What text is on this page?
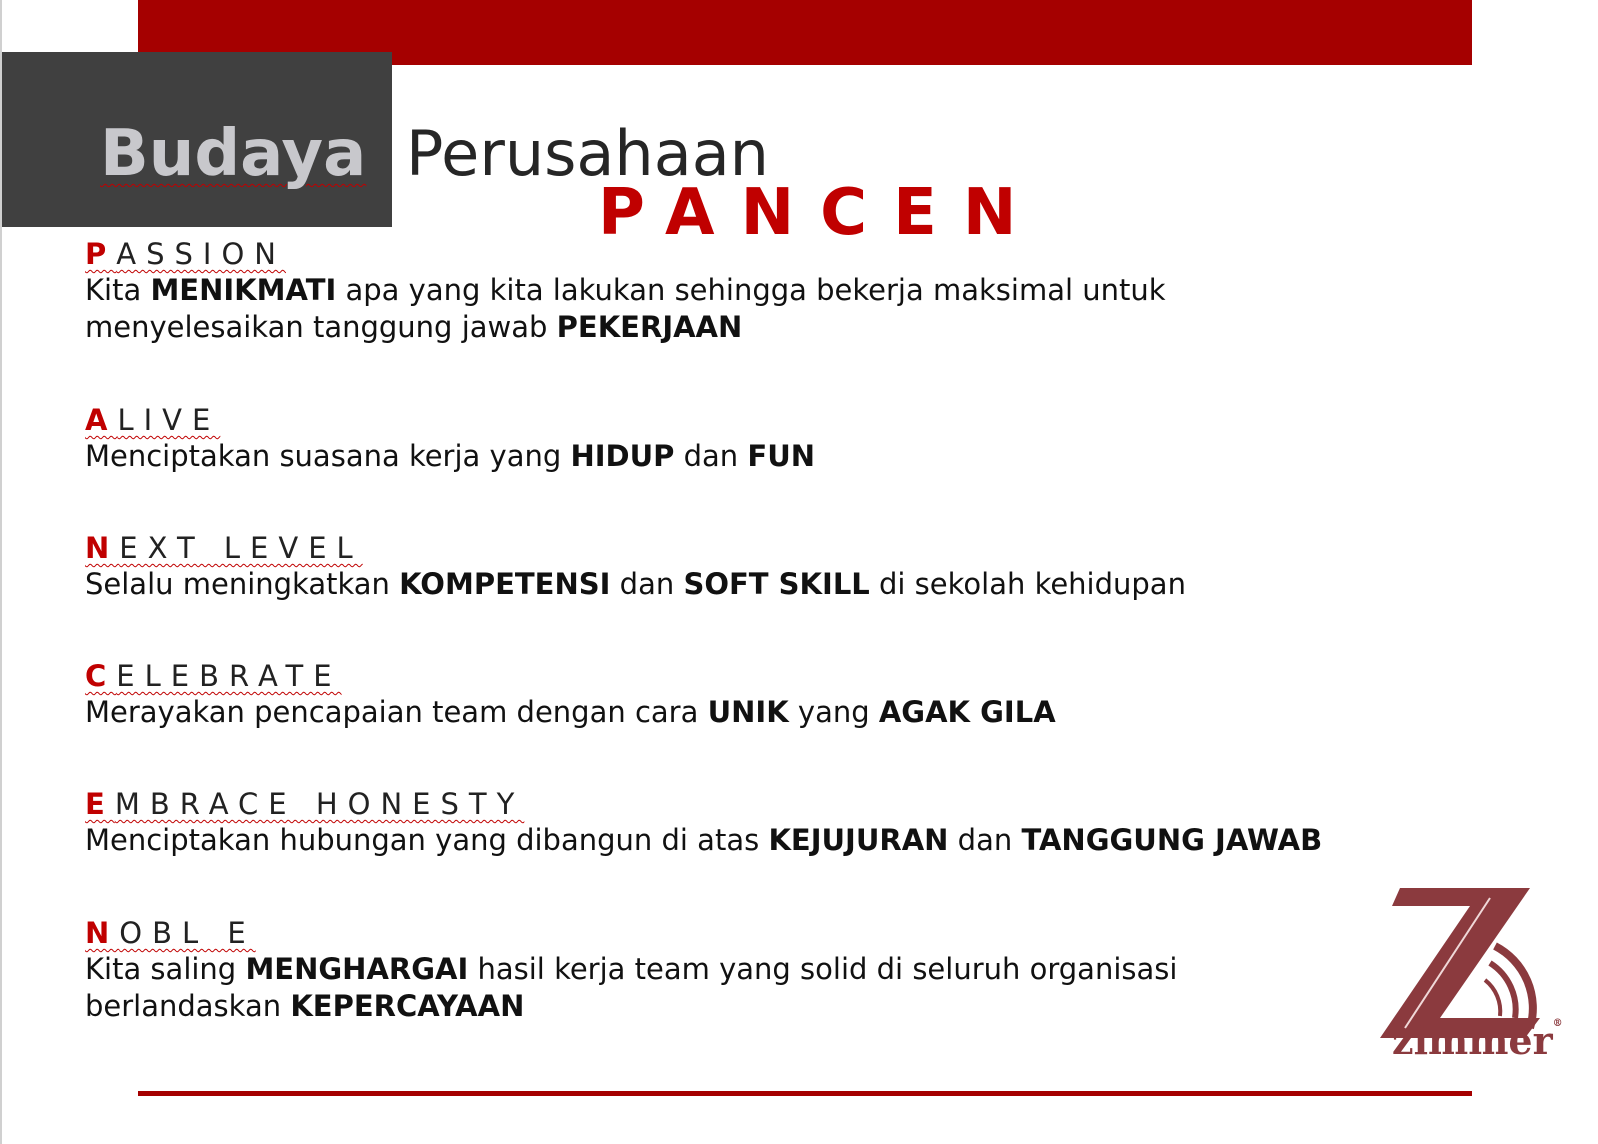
Budaya Perusahaan
PANCEN
PASSION
Kita MENIKMATI apa yang kita lakukan sehingga bekerja maksimal untuk
menyelesaikan tanggung jawab PEKERJAAN
ALIVE
Menciptakan suasana kerja yang HIDUP dan FUN
NEXT LEVEL
Selalu meningkatkan KOMPETENSI dan SOFT SKILL di sekolah kehidupan
CELEBRATE
Merayakan pencapaian team dengan cara UNIK yang AGAK GILA
EMBRACE HONESTY
Menciptakan hubungan yang dibangun di atas KEJUJURAN dan TANGGUNG JAWAB
NOBL E
Kita saling MENGHARGAI hasil kerja team yang solid di seluruh organisasi
berlandaskan KEPERCAYAAN
zimmer®
